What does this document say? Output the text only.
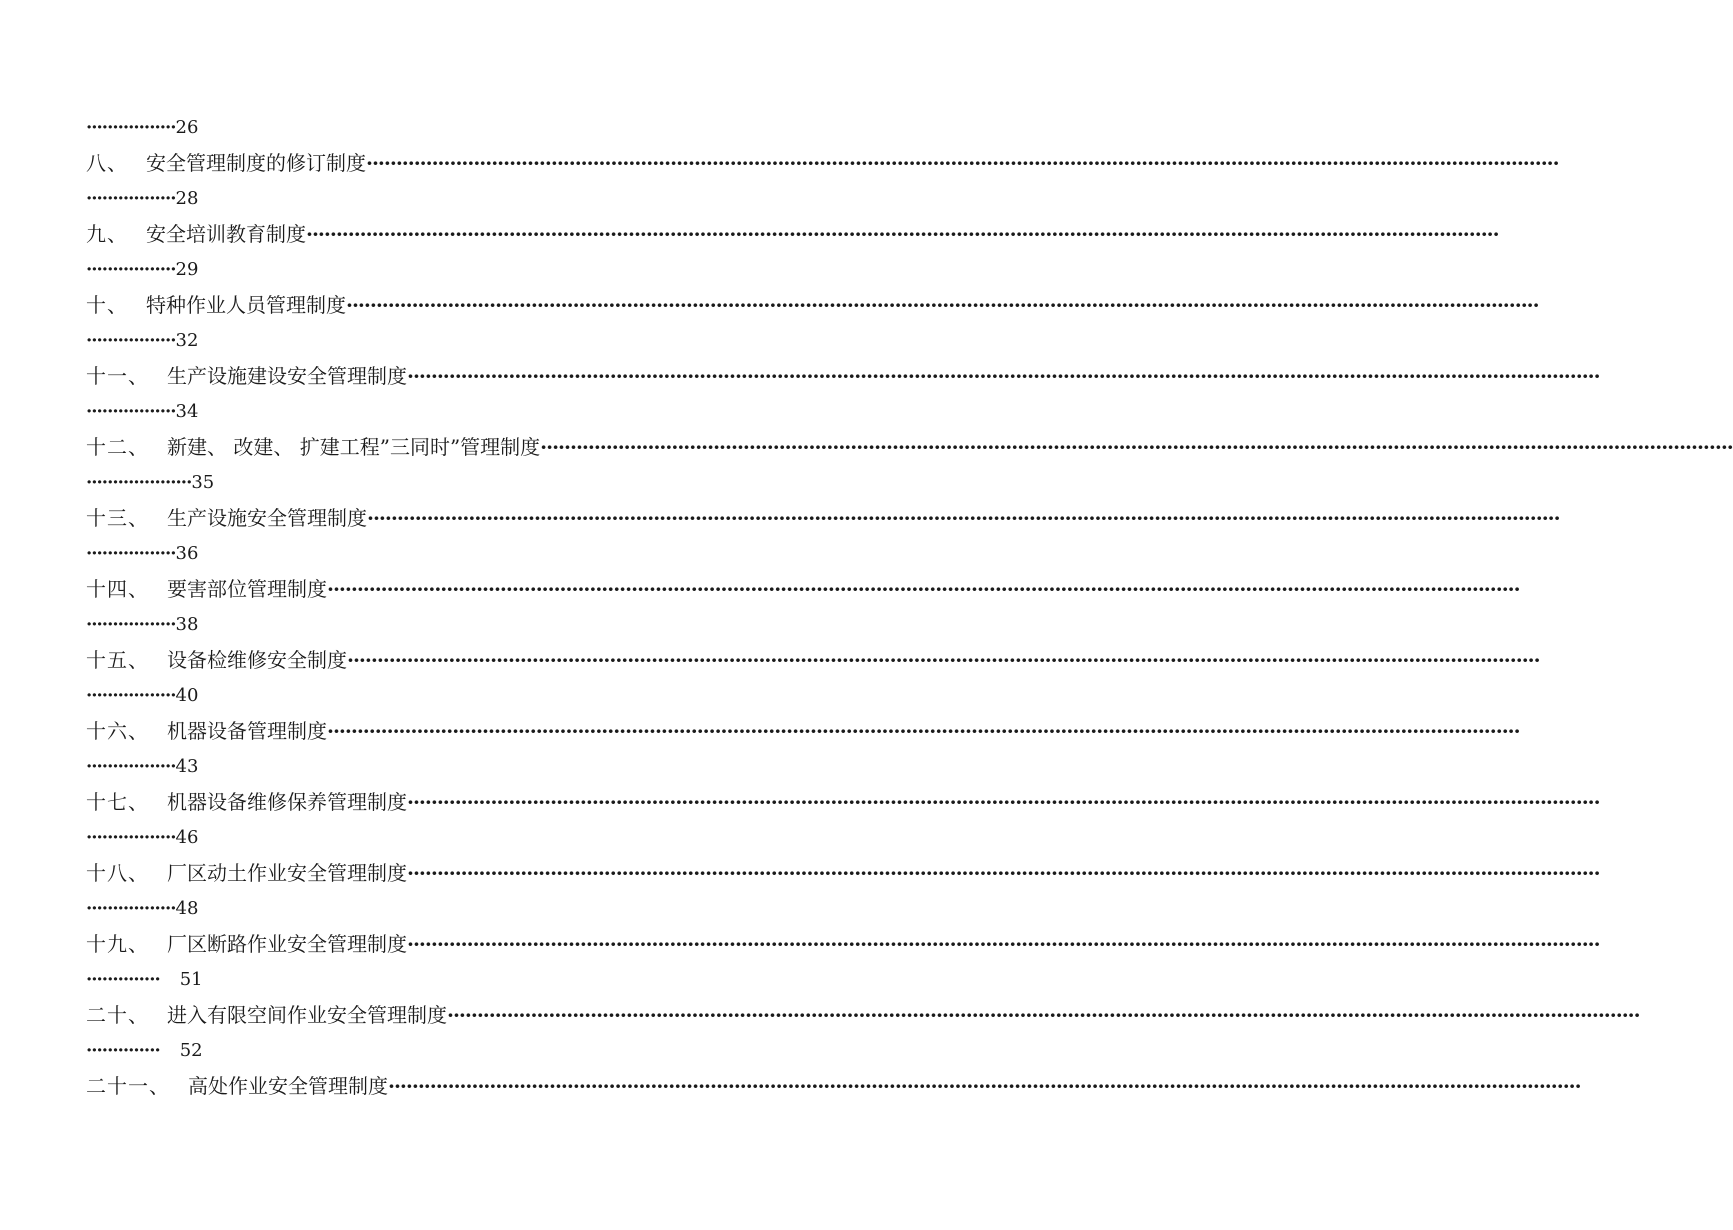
·················26
八、 安全管理制度的修订制度 ········································································································································································································
·················28
九、 安全培训教育制度 ········································································································································································································
·················29
十、 特种作业人员管理制度 ········································································································································································································
·················32
十一、 生产设施建设安全管理制度 ········································································································································································································
·················34
十二、 新建、 改建、 扩建工程”三同时”管理制度 ········································································································································································································
····················35
十三、 生产设施安全管理制度 ········································································································································································································
·················36
十四、 要害部位管理制度 ········································································································································································································
·················38
十五、 设备检维修安全制度 ········································································································································································································
·················40
十六、 机器设备管理制度 ········································································································································································································
·················43
十七、 机器设备维修保养管理制度 ········································································································································································································
·················46
十八、 厂区动土作业安全管理制度 ········································································································································································································
·················48
十九、 厂区断路作业安全管理制度 ········································································································································································································
·············· 51
二十、 进入有限空间作业安全管理制度 ········································································································································································································
·············· 52
二十一、 高处作业安全管理制度 ········································································································································································································
